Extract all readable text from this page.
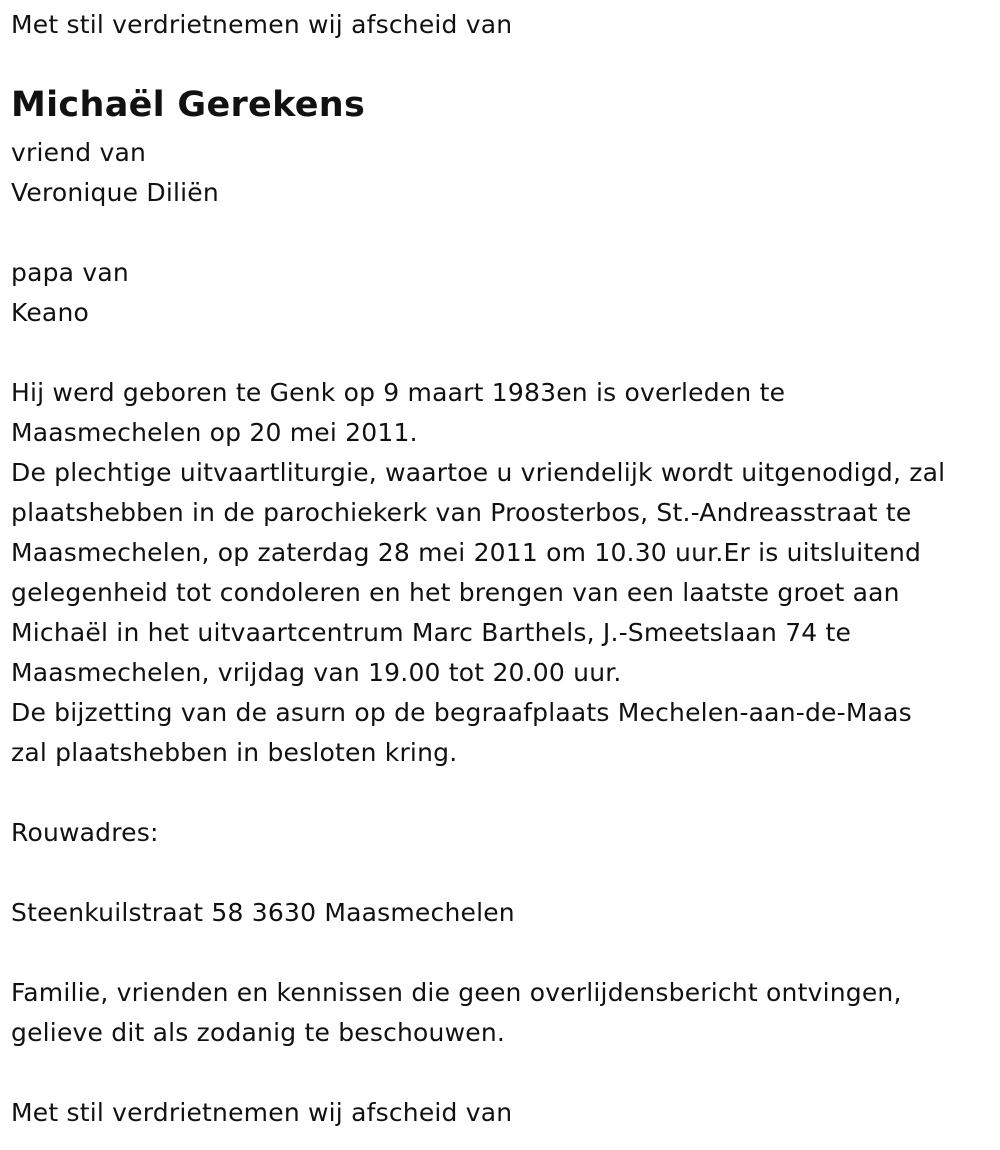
Met stil verdrietnemen wij afscheid van
Michaël Gerekens
vriend van
Veronique Diliën
papa van
Keano
Hij werd geboren te Genk op 9 maart 1983en is overleden te
Maasmechelen op 20 mei 2011.
De plechtige uitvaartliturgie, waartoe u vriendelijk wordt uitgenodigd, zal
plaatshebben in de parochiekerk van Proosterbos, St.-Andreasstraat te
Maasmechelen, op zaterdag 28 mei 2011 om 10.30 uur.Er is uitsluitend
gelegenheid tot condoleren en het brengen van een laatste groet aan
Michaël in het uitvaartcentrum Marc Barthels, J.-Smeetslaan 74 te
Maasmechelen, vrijdag van 19.00 tot 20.00 uur.
De bijzetting van de asurn op de begraafplaats Mechelen-aan-de-Maas
zal plaatshebben in besloten kring.
Rouwadres:
Steenkuilstraat 58 3630 Maasmechelen
Familie, vrienden en kennissen die geen overlijdensbericht ontvingen,
gelieve dit als zodanig te beschouwen.
Met stil verdrietnemen wij afscheid van
